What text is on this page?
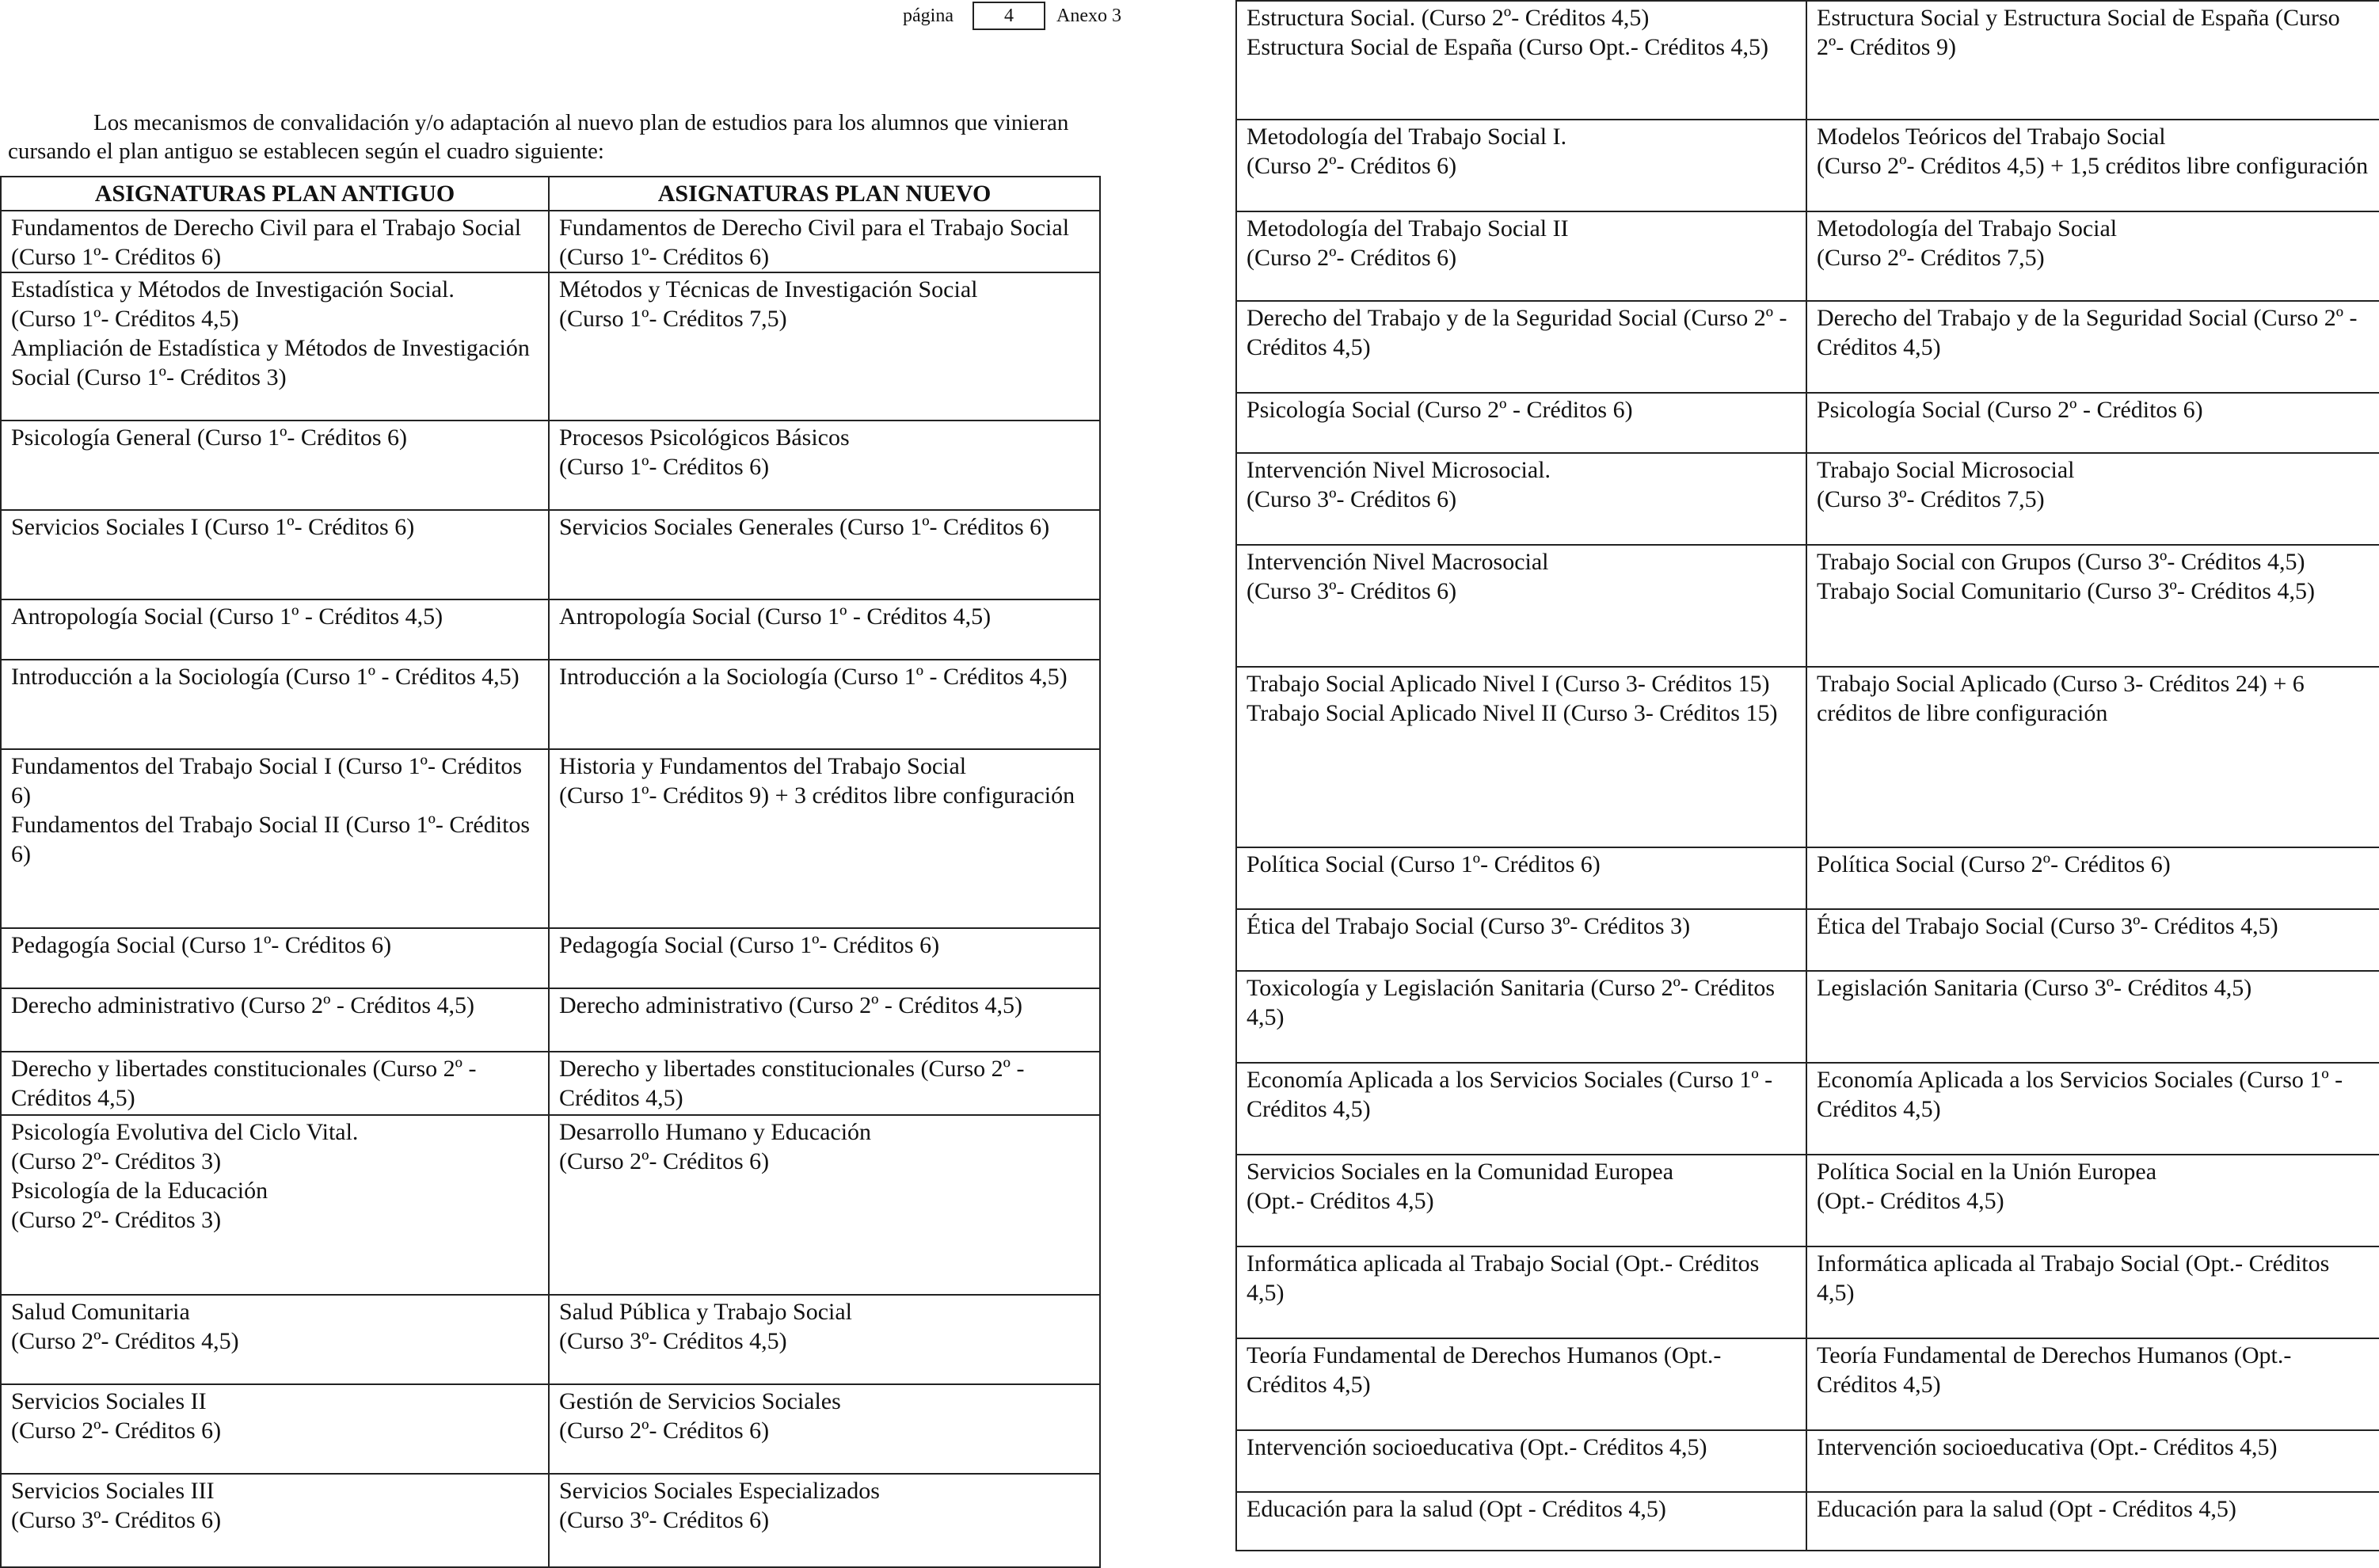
página	4	Anexo 3

Los mecanismos de convalidación y/o adaptación al nuevo plan de estudios para los alumnos que vinieran cursando el plan antiguo se establecen según el cuadro siguiente:

ASIGNATURAS PLAN ANTIGUO	ASIGNATURAS PLAN NUEVO

Fundamentos de Derecho Civil para el Trabajo Social (Curso 1º- Créditos 6)	Fundamentos de Derecho Civil para el Trabajo Social (Curso 1º- Créditos 6)

Estadística y Métodos de Investigación Social.
(Curso 1º- Créditos 4,5)
Ampliación de Estadística y Métodos de Investigación Social (Curso 1º- Créditos 3)	Métodos y Técnicas de Investigación Social
(Curso 1º- Créditos 7,5)

Psicología General (Curso 1º- Créditos 6)	Procesos Psicológicos Básicos
(Curso 1º- Créditos 6)

Servicios Sociales I (Curso 1º- Créditos 6)	Servicios Sociales Generales (Curso 1º- Créditos 6)

Antropología Social (Curso 1º - Créditos 4,5)	Antropología Social (Curso 1º - Créditos 4,5)

Introducción a la Sociología (Curso 1º - Créditos 4,5)	Introducción a la Sociología (Curso 1º - Créditos 4,5)

Fundamentos del Trabajo Social I (Curso 1º- Créditos 6)
Fundamentos del Trabajo Social II (Curso 1º- Créditos 6)	Historia y Fundamentos del Trabajo Social
(Curso 1º- Créditos 9) + 3 créditos libre configuración

Pedagogía Social (Curso 1º- Créditos 6)	Pedagogía Social (Curso 1º- Créditos 6)

Derecho administrativo (Curso 2º - Créditos 4,5)	Derecho administrativo (Curso 2º - Créditos 4,5)

Derecho y libertades constitucionales (Curso 2º - Créditos 4,5)	Derecho y libertades constitucionales (Curso 2º - Créditos 4,5)

Psicología Evolutiva del Ciclo Vital.
(Curso 2º- Créditos 3)
Psicología de la Educación
(Curso 2º- Créditos 3)	Desarrollo Humano y Educación
(Curso 2º- Créditos 6)

Salud Comunitaria
(Curso 2º- Créditos 4,5)	Salud Pública y Trabajo Social
(Curso 3º- Créditos 4,5)

Servicios Sociales II
(Curso 2º- Créditos 6)	Gestión de Servicios Sociales
(Curso 2º- Créditos 6)

Servicios Sociales III
(Curso 3º- Créditos 6)	Servicios Sociales Especializados
(Curso 3º- Créditos 6)
Estructura Social. (Curso 2º- Créditos 4,5)
Estructura Social de España (Curso Opt.- Créditos 4,5)	Estructura Social y Estructura Social de España (Curso 2º- Créditos 9)

Metodología del Trabajo Social I.
(Curso 2º- Créditos 6)	Modelos Teóricos del Trabajo Social
(Curso 2º- Créditos 4,5) + 1,5 créditos libre configuración

Metodología del Trabajo Social II
(Curso 2º- Créditos 6)	Metodología del Trabajo Social
(Curso 2º- Créditos 7,5)

Derecho del Trabajo y de la Seguridad Social (Curso 2º - Créditos 4,5)	Derecho del Trabajo y de la Seguridad Social (Curso 2º - Créditos 4,5)

Psicología Social (Curso 2º - Créditos 6)	Psicología Social (Curso 2º - Créditos 6)

Intervención Nivel Microsocial.
(Curso 3º- Créditos 6)	Trabajo Social Microsocial
(Curso 3º- Créditos 7,5)

Intervención Nivel Macrosocial
(Curso 3º- Créditos 6)	Trabajo Social con Grupos (Curso 3º- Créditos 4,5)
Trabajo Social Comunitario (Curso 3º- Créditos 4,5)

Trabajo Social Aplicado Nivel I (Curso 3- Créditos 15)
Trabajo Social Aplicado Nivel II (Curso 3- Créditos 15)	Trabajo Social Aplicado (Curso 3- Créditos 24) + 6 créditos de libre configuración

Política Social (Curso 1º- Créditos 6)	Política Social (Curso 2º- Créditos 6)

Ética del Trabajo Social (Curso 3º- Créditos 3)	Ética del Trabajo Social (Curso 3º- Créditos 4,5)

Toxicología y Legislación Sanitaria (Curso 2º- Créditos 4,5)	Legislación Sanitaria (Curso 3º- Créditos 4,5)

Economía Aplicada a los Servicios Sociales (Curso 1º - Créditos 4,5)	Economía Aplicada a los Servicios Sociales (Curso 1º - Créditos 4,5)

Servicios Sociales en la Comunidad Europea
(Opt.- Créditos 4,5)	Política Social en la Unión Europea
(Opt.- Créditos 4,5)

Informática aplicada al Trabajo Social (Opt.- Créditos 4,5)	Informática aplicada al Trabajo Social (Opt.- Créditos 4,5)

Teoría Fundamental de Derechos Humanos (Opt.- Créditos 4,5)	Teoría Fundamental de Derechos Humanos (Opt.- Créditos 4,5)

Intervención socioeducativa (Opt.- Créditos 4,5)	Intervención socioeducativa (Opt.- Créditos 4,5)

Educación para la salud (Opt - Créditos 4,5)	Educación para la salud (Opt - Créditos 4,5)
